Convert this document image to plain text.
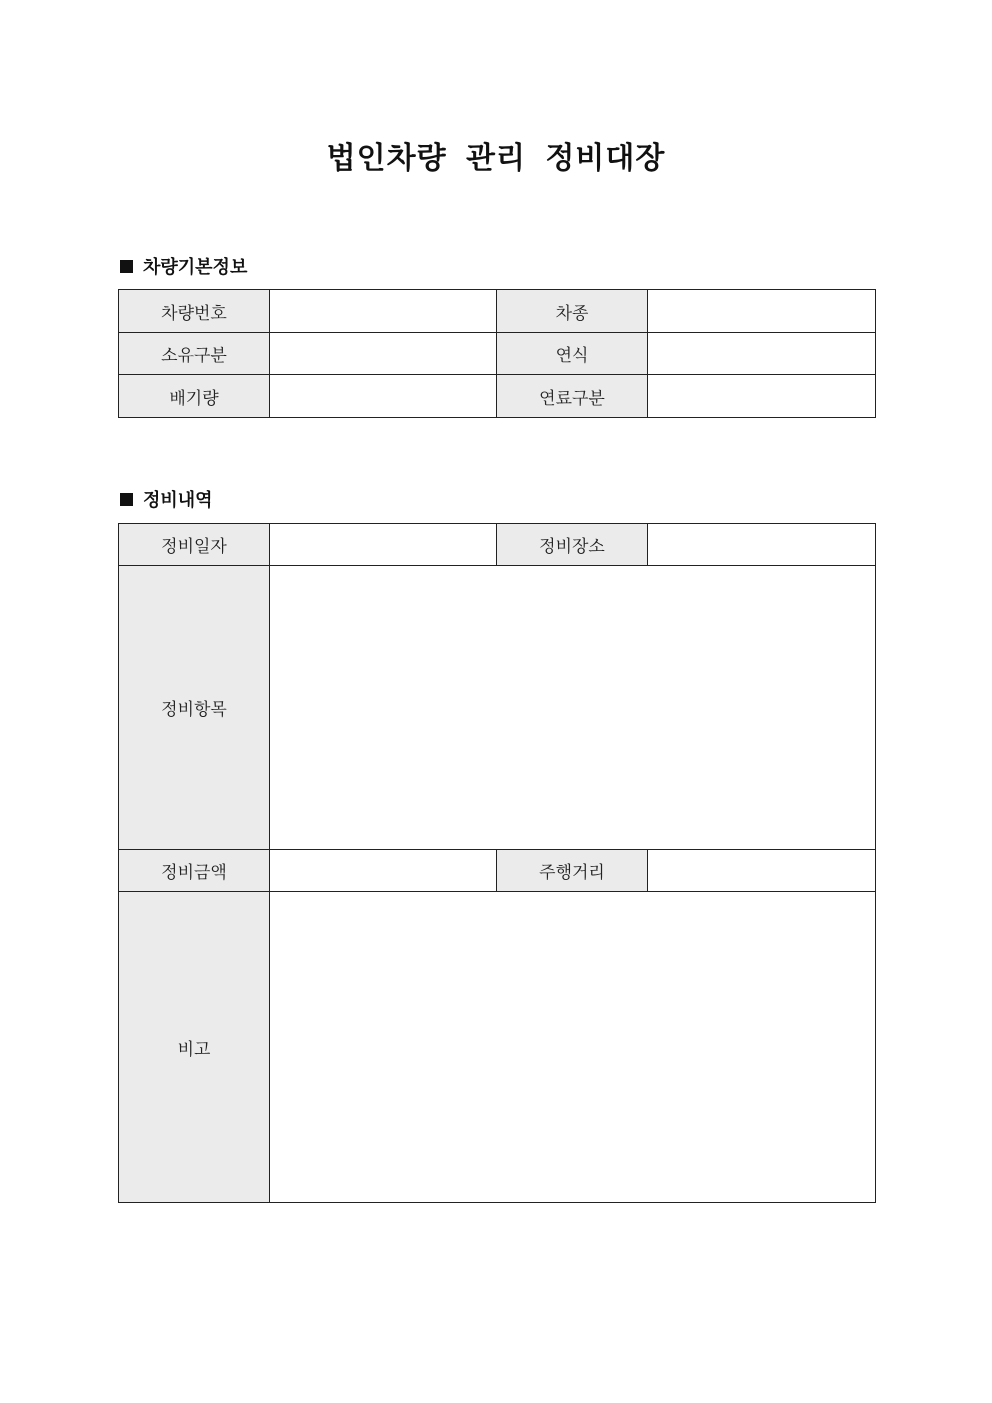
법인차량 관리 정비대장
차량기본정보
차량번호		차종	
소유구분		연식	
배기량		연료구분	
정비내역
정비일자		정비장소	
정비항목			
정비금액		주행거리	
비고			
